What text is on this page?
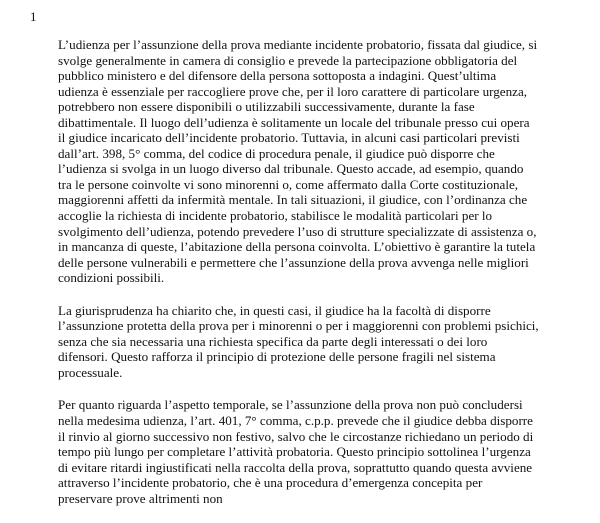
1

L’udienza per l’assunzione della prova mediante incidente probatorio, fissata dal giudice, si svolge generalmente in camera di consiglio e prevede la partecipazione obbligatoria del pubblico ministero e del difensore della persona sottoposta a indagini. Quest’ultima udienza è essenziale per raccogliere prove che, per il loro carattere di particolare urgenza, potrebbero non essere disponibili o utilizzabili successivamente, durante la fase dibattimentale. Il luogo dell’udienza è solitamente un locale del tribunale presso cui opera il giudice incaricato dell’incidente probatorio. Tuttavia, in alcuni casi particolari previsti dall’art. 398, 5° comma, del codice di procedura penale, il giudice può disporre che l’udienza si svolga in un luogo diverso dal tribunale. Questo accade, ad esempio, quando tra le persone coinvolte vi sono minorenni o, come affermato dalla Corte costituzionale, maggiorenni affetti da infermità mentale. In tali situazioni, il giudice, con l’ordinanza che accoglie la richiesta di incidente probatorio, stabilisce le modalità particolari per lo svolgimento dell’udienza, potendo prevedere l’uso di strutture specializzate di assistenza o, in mancanza di queste, l’abitazione della persona coinvolta. L’obiettivo è garantire la tutela delle persone vulnerabili e permettere che l’assunzione della prova avvenga nelle migliori condizioni possibili.

La giurisprudenza ha chiarito che, in questi casi, il giudice ha la facoltà di disporre l’assunzione protetta della prova per i minorenni o per i maggiorenni con problemi psichici, senza che sia necessaria una richiesta specifica da parte degli interessati o dei loro difensori. Questo rafforza il principio di protezione delle persone fragili nel sistema processuale.

Per quanto riguarda l’aspetto temporale, se l’assunzione della prova non può concludersi nella medesima udienza, l’art. 401, 7° comma, c.p.p. prevede che il giudice debba disporre il rinvio al giorno successivo non festivo, salvo che le circostanze richiedano un periodo di tempo più lungo per completare l’attività probatoria. Questo principio sottolinea l’urgenza di evitare ritardi ingiustificati nella raccolta della prova, soprattutto quando questa avviene attraverso l’incidente probatorio, che è una procedura d’emergenza concepita per preservare prove altrimenti non
